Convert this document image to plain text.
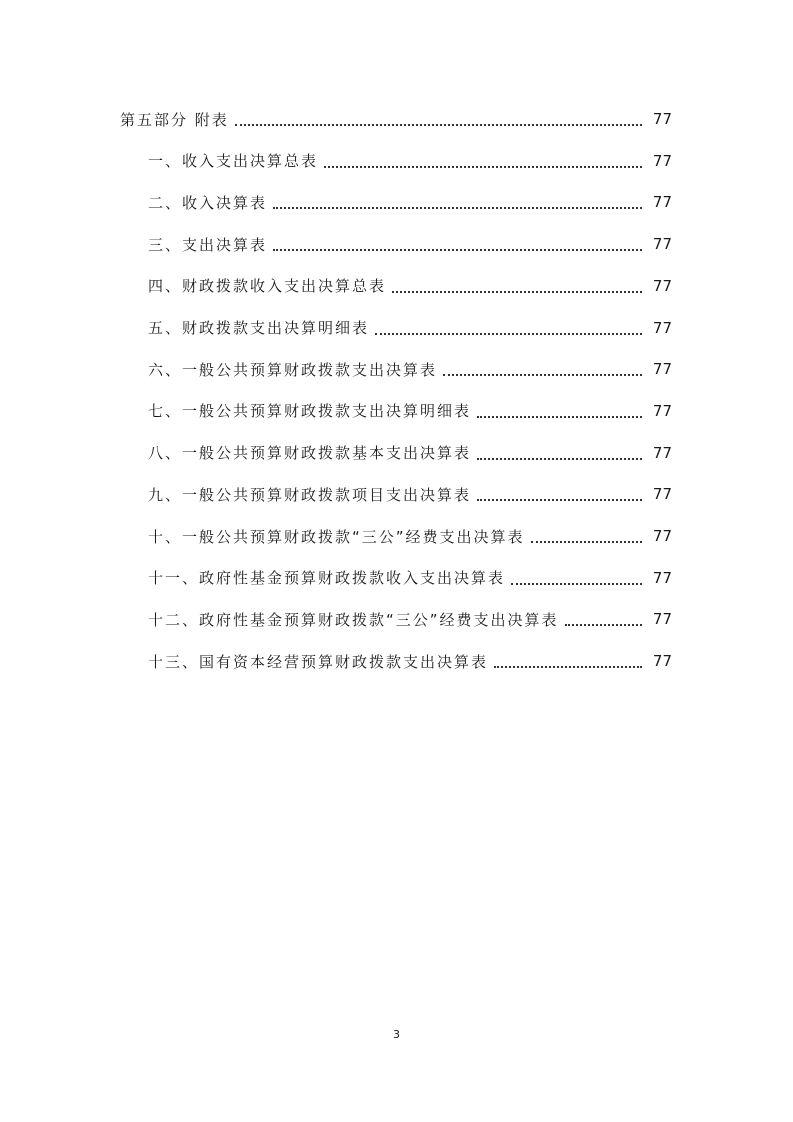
第五部分 附表	77
一、收入支出决算总表	77
二、收入决算表	77
三、支出决算表	77
四、财政拨款收入支出决算总表	77
五、财政拨款支出决算明细表	77
六、一般公共预算财政拨款支出决算表	77
七、一般公共预算财政拨款支出决算明细表	77
八、一般公共预算财政拨款基本支出决算表	77
九、一般公共预算财政拨款项目支出决算表	77
十、一般公共预算财政拨款“三公”经费支出决算表	77
十一、政府性基金预算财政拨款收入支出决算表	77
十二、政府性基金预算财政拨款“三公”经费支出决算表	77
十三、国有资本经营预算财政拨款支出决算表	77
3
